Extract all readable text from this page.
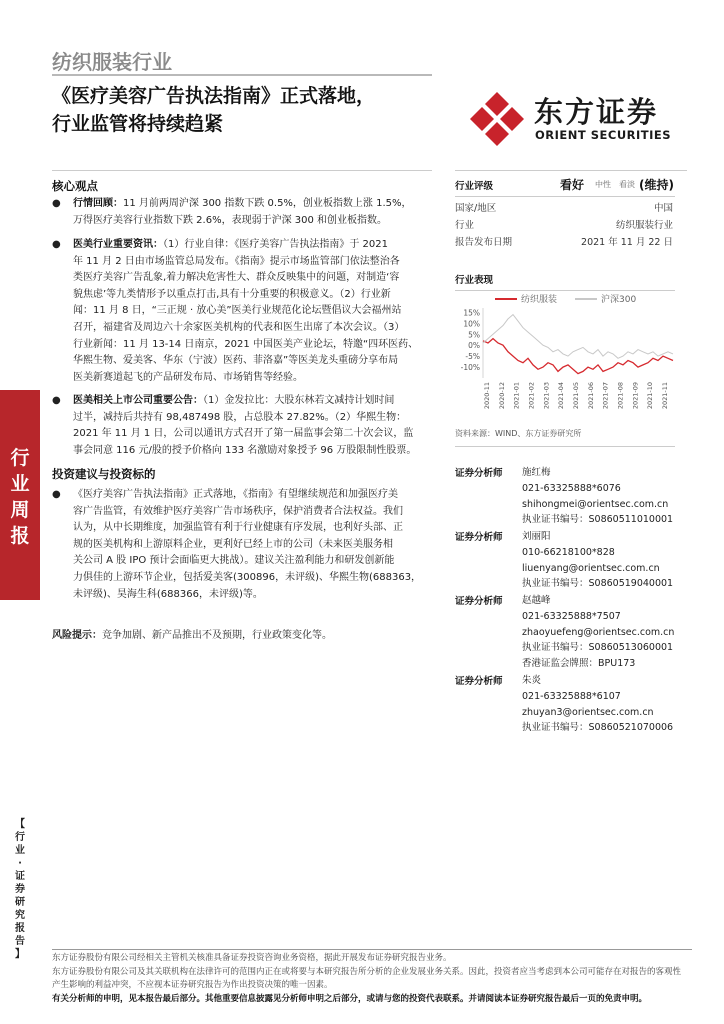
行
业
周
报
【
行
业
·
证
券
研
究
报
告
】
纺织服装行业
《医疗美容广告执法指南》正式落地，
行业监管将持续趋紧	东方证券
ORIENT SECURITIES
核心观点
● 行情回顾：11 月前两周沪深 300 指数下跌 0.5%，创业板指数上涨 1.5%，
万得医疗美容行业指数下跌 2.6%，表现弱于沪深 300 和创业板指数。
● 医美行业重要资讯：（1）行业自律：《医疗美容广告执法指南》于 2021
年 11 月 2 日由市场监管总局发布。《指南》提示市场监管部门依法整治各
类医疗美容广告乱象,着力解决危害性大、群众反映集中的问题，对制造‘容
貌焦虑’等九类情形予以重点打击,具有十分重要的积极意义。（2）行业新
闻：11 月 8 日，“三正规 · 放心美”医美行业规范化论坛暨倡议大会福州站
召开，福建省及周边六十余家医美机构的代表和医生出席了本次会议。（3）
行业新闻：11 月 13-14 日南京，2021 中国医美产业论坛，特邀“四环医药、
华熙生物、爱美客、华东（宁波）医药、菲洛嘉”等医美龙头重磅分享布局
医美新赛道起飞的产品研发布局、市场销售等经验。
● 医美相关上市公司重要公告：（1）金发拉比：大股东林若文减持计划时间
过半，减持后共持有 98,487498 股，占总股本 27.82%。（2）华熙生物：
2021 年 11 月 1 日，公司以通讯方式召开了第一届监事会第二十次会议，监
事会同意 116 元/股的授予价格向 133 名激励对象授予 96 万股限制性股票。
投资建议与投资标的
● 《医疗美容广告执法指南》正式落地，《指南》有望继续规范和加强医疗美
容广告监管，有效维护医疗美容广告市场秩序，保护消费者合法权益。我们
认为，从中长期维度，加强监管有利于行业健康有序发展，也利好头部、正
规的医美机构和上游原料企业，更利好已经上市的公司（未来医美服务相
关公司 A 股 IPO 预计会面临更大挑战）。建议关注盈利能力和研发创新能
力俱佳的上游环节企业，包括爱美客(300896，未评级)、华熙生物(688363，
未评级)、昊海生科(688366，未评级)等。
风险提示：竞争加剧、新产品推出不及预期，行业政策变化等。
行业评级	看好 中性 看淡 (维持)
国家/地区	中国
行业	纺织服装行业
报告发布日期	2021 年 11 月 22 日
行业表现
纺织服装	沪深300
15%
10%
5%
0%
-5%
-10%
2020-11 2020-12 2021-01 2021-02 2021-03 2021-04 2021-05 2021-06 2021-07 2021-08 2021-09 2021-10 2021-11
资料来源：WIND、东方证券研究所
证券分析师 施红梅
021-63325888*6076
shihongmei@orientsec.com.cn
执业证书编号：S0860511010001
证券分析师 刘丽阳
010-66218100*828
liuenyang@orientsec.com.cn
执业证书编号：S0860519040001
证券分析师 赵越峰
021-63325888*7507
zhaoyuefeng@orientsec.com.cn
执业证书编号：S0860513060001
香港证监会牌照：BPU173
证券分析师 朱炎
021-63325888*6107
zhuyan3@orientsec.com.cn
执业证书编号：S0860521070006
东方证券股份有限公司经相关主管机关核准具备证券投资咨询业务资格，据此开展发布证券研究报告业务。
东方证券股份有限公司及其关联机构在法律许可的范围内正在或将要与本研究报告所分析的企业发展业务关系。因此，投资者应当考虑到本公司可能存在对报告的客观性
产生影响的利益冲突，不应视本证券研究报告为作出投资决策的唯一因素。
有关分析师的申明，见本报告最后部分。其他重要信息披露见分析师申明之后部分，或请与您的投资代表联系。并请阅读本证券研究报告最后一页的免责申明。
